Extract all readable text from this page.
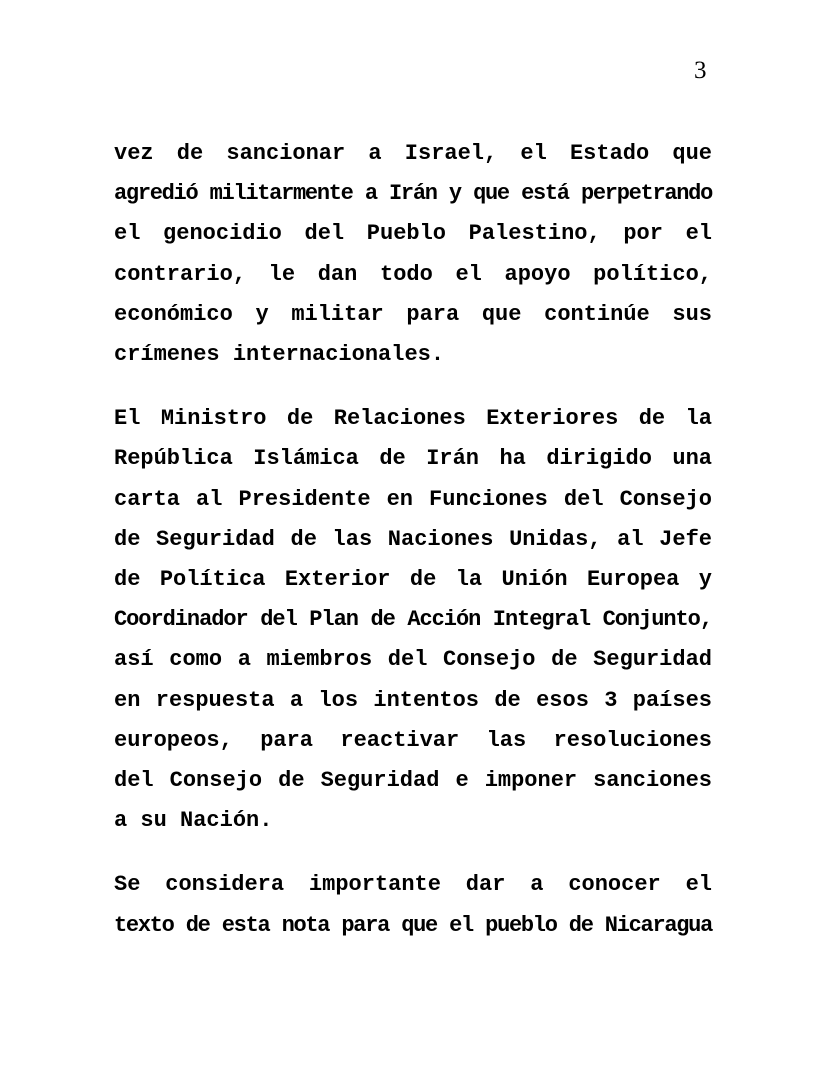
3
vez de sancionar a Israel, el Estado que
agredió militarmente a Irán y que está perpetrando
el genocidio del Pueblo Palestino, por el
contrario, le dan todo el apoyo político,
económico y militar para que continúe sus
crímenes internacionales.
El Ministro de Relaciones Exteriores de la
República Islámica de Irán ha dirigido una
carta al Presidente en Funciones del Consejo
de Seguridad de las Naciones Unidas, al Jefe
de Política Exterior de la Unión Europea y
Coordinador del Plan de Acción Integral Conjunto,
así como a miembros del Consejo de Seguridad
en respuesta a los intentos de esos 3 países
europeos, para reactivar las resoluciones
del Consejo de Seguridad e imponer sanciones
a su Nación.
Se considera importante dar a conocer el
texto de esta nota para que el pueblo de Nicaragua
